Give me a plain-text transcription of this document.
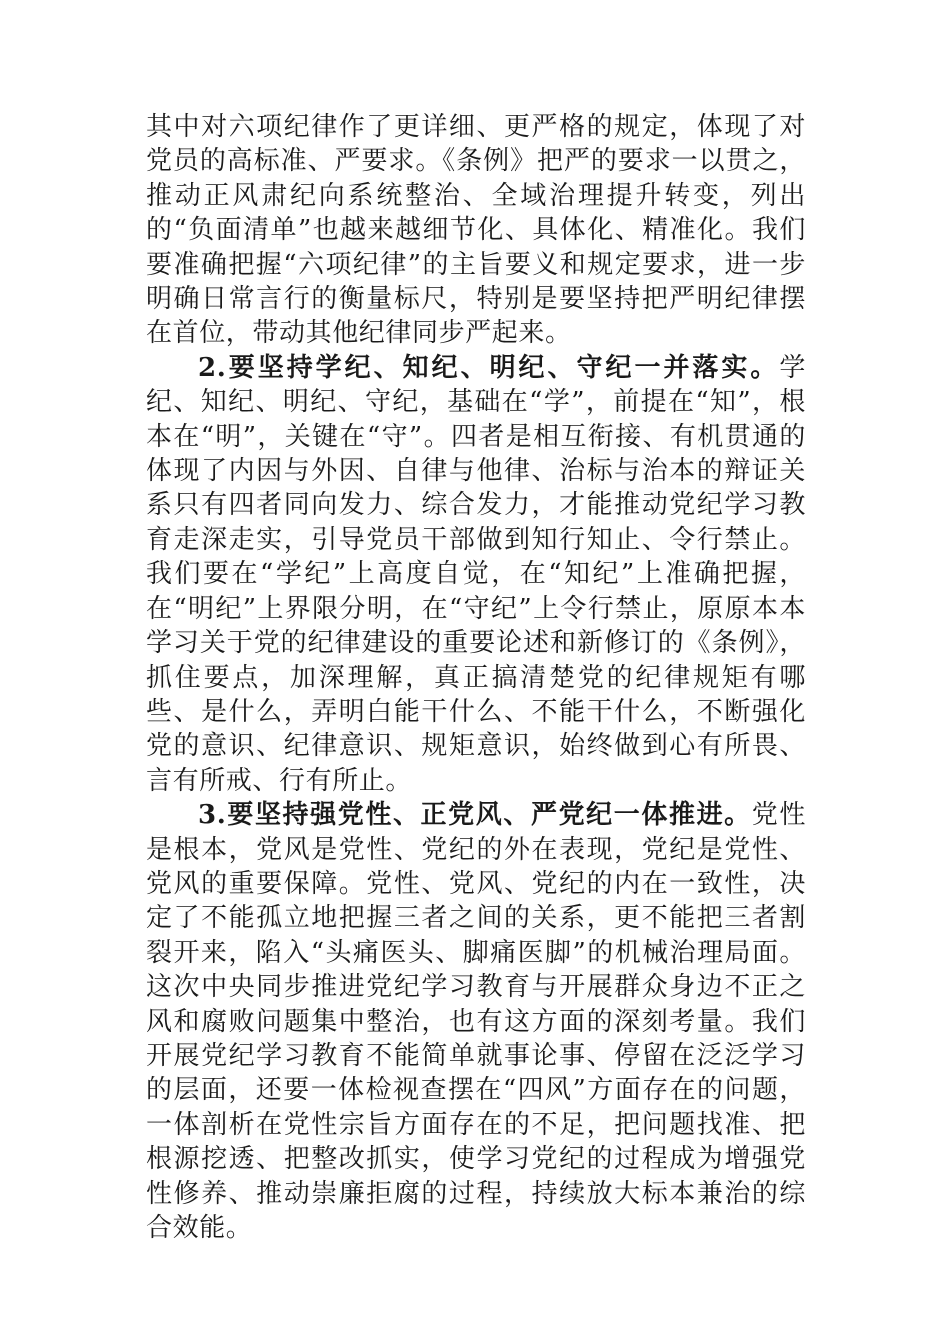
其中对六项纪律作了更详细、更严格的规定，体现了对党员的高标准、严要求。《条例》把严的要求一以贯之，推动正风肃纪向系统整治、全域治理提升转变，列出的“负面清单”也越来越细节化、具体化、精准化。我们要准确把握“六项纪律”的主旨要义和规定要求，进一步明确日常言行的衡量标尺，特别是要坚持把严明纪律摆在首位，带动其他纪律同步严起来。

2.要坚持学纪、知纪、明纪、守纪一并落实。学纪、知纪、明纪、守纪，基础在“学”，前提在“知”，根本在“明”，关键在“守”。四者是相互衔接、有机贯通的体现了内因与外因、自律与他律、治标与治本的辩证关系只有四者同向发力、综合发力，才能推动党纪学习教育走深走实，引导党员干部做到知行知止、令行禁止。我们要在“学纪”上高度自觉，在“知纪”上准确把握，在“明纪”上界限分明，在“守纪”上令行禁止，原原本本学习关于党的纪律建设的重要论述和新修订的《条例》，抓住要点，加深理解，真正搞清楚党的纪律规矩有哪些、是什么，弄明白能干什么、不能干什么，不断强化党的意识、纪律意识、规矩意识，始终做到心有所畏、言有所戒、行有所止。

3.要坚持强党性、正党风、严党纪一体推进。党性是根本，党风是党性、党纪的外在表现，党纪是党性、党风的重要保障。党性、党风、党纪的内在一致性，决定了不能孤立地把握三者之间的关系，更不能把三者割裂开来，陷入“头痛医头、脚痛医脚”的机械治理局面。这次中央同步推进党纪学习教育与开展群众身边不正之风和腐败问题集中整治，也有这方面的深刻考量。我们开展党纪学习教育不能简单就事论事、停留在泛泛学习的层面，还要一体检视查摆在“四风”方面存在的问题，一体剖析在党性宗旨方面存在的不足，把问题找准、把根源挖透、把整改抓实，使学习党纪的过程成为增强党性修养、推动崇廉拒腐的过程，持续放大标本兼治的综合效能。
